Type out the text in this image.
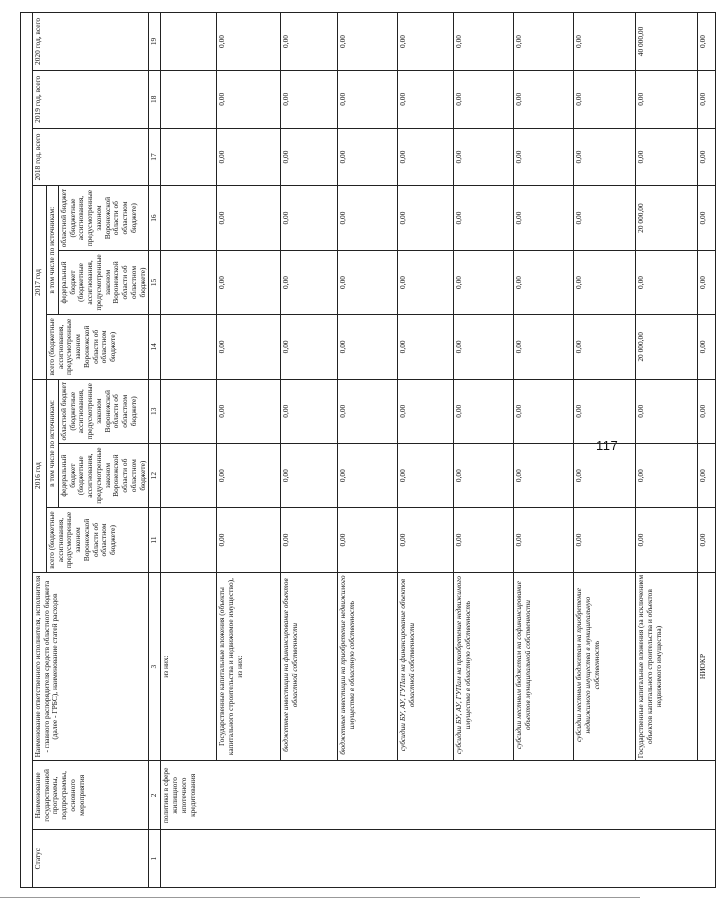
117

Статус	Наименование государственной программы, подпрограммы, основного мероприятия	Наименование ответственного исполнителя, исполнителя - главного распорядителя средств областного бюджета (далее - ГРБС), наименование статей расходов	2016 год			2017 год			2018 год, всего	2019 год, всего	2020 год, всего
			всего (бюджетные ассигнования, предусмотренные законом Воронежской области об областном бюджете)	в том числе по источникам:		всего (бюджетные ассигнования, предусмотренные законом Воронежской области об областном бюджете)	в том числе по источникам:				
				федеральный бюджет (бюджетные ассигнования, предусмотренные законом Воронежской области об областном бюджете)	областной бюджет (бюджетные ассигнования, предусмотренные законом Воронежской области об областном бюджете)		федеральный бюджет (бюджетные ассигнования, предусмотренные законом Воронежской области об областном бюджете)	областной бюджет (бюджетные ассигнования, предусмотренные законом Воронежской области об областном бюджете)			
1	2	3	11	12	13	14	15	16	17	18	19
	политики в сфере жилищного ипотечного кредитования	из них:									
		Государственные капитальные вложения (объекты капитального строительства и недвижимое имущество), из них:	0,00	0,00	0,00	0,00	0,00	0,00	0,00	0,00	0,00
		бюджетные инвестиции на финансирование объектов областной собственности	0,00	0,00	0,00	0,00	0,00	0,00	0,00	0,00	0,00
		бюджетные инвестиции на приобретение недвижимого имущества в областную собственность	0,00	0,00	0,00	0,00	0,00	0,00	0,00	0,00	0,00
		субсидии БУ, АУ, ГУПам на финансирование объектов областной собственности	0,00	0,00	0,00	0,00	0,00	0,00	0,00	0,00	0,00
		субсидии БУ, АУ, ГУПам на приобретение недвижимого имущества в областную собственность	0,00	0,00	0,00	0,00	0,00	0,00	0,00	0,00	0,00
		субсидии местным бюджетам на софинансирование объектов муниципальной собственности	0,00	0,00	0,00	0,00	0,00	0,00	0,00	0,00	0,00
		субсидии местным бюджетам на приобретение недвижимого имущества в муниципальную собственность	0,00	0,00	0,00	0,00	0,00	0,00	0,00	0,00	0,00
		Государственные капитальные вложения (за исключением объектов капитального строительства и объектов недвижимого имущества)	0,00	0,00	0,00	20 000,00	0,00	20 000,00	0,00	0,00	40 000,00
		НИОКР	0,00	0,00	0,00	0,00	0,00	0,00	0,00	0,00	0,00
